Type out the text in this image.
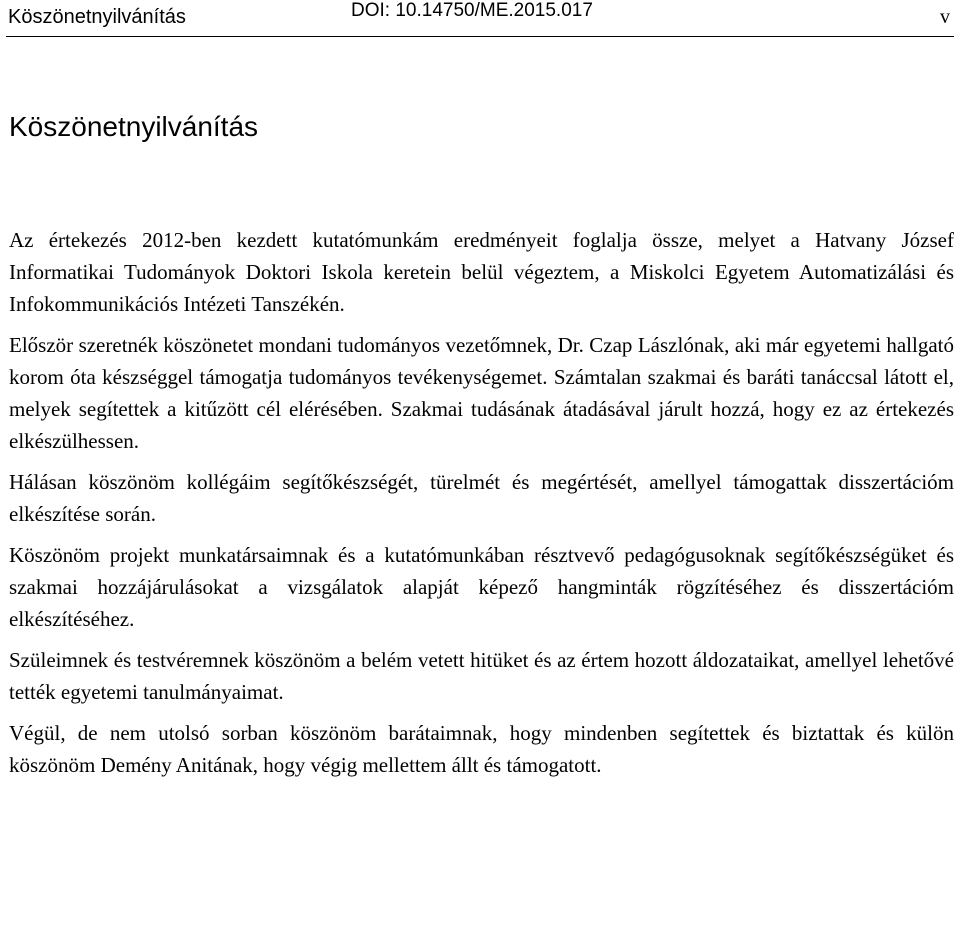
Köszönetnyilvánítás	DOI: 10.14750/ME.2015.017	v
Köszönetnyilvánítás

Az értekezés 2012-ben kezdett kutatómunkám eredményeit foglalja össze, melyet a Hatvany József Informatikai Tudományok Doktori Iskola keretein belül végeztem, a Miskolci Egyetem Automatizálási és Infokommunikációs Intézeti Tanszékén.

Először szeretnék köszönetet mondani tudományos vezetőmnek, Dr. Czap Lászlónak, aki már egyetemi hallgató korom óta készséggel támogatja tudományos tevékenységemet. Számtalan szakmai és baráti tanáccsal látott el, melyek segítettek a kitűzött cél elérésében. Szakmai tudásának átadásával járult hozzá, hogy ez az értekezés elkészülhessen.

Hálásan köszönöm kollégáim segítőkészségét, türelmét és megértését, amellyel támogattak disszertációm elkészítése során.

Köszönöm projekt munkatársaimnak és a kutatómunkában résztvevő pedagógusoknak segítőkészségüket és szakmai hozzájárulásokat a vizsgálatok alapját képező hangminták rögzítéséhez és disszertációm elkészítéséhez.

Szüleimnek és testvéremnek köszönöm a belém vetett hitüket és az értem hozott áldozataikat, amellyel lehetővé tették egyetemi tanulmányaimat.

Végül, de nem utolsó sorban köszönöm barátaimnak, hogy mindenben segítettek és biztattak és külön köszönöm Demény Anitának, hogy végig mellettem állt és támogatott.
